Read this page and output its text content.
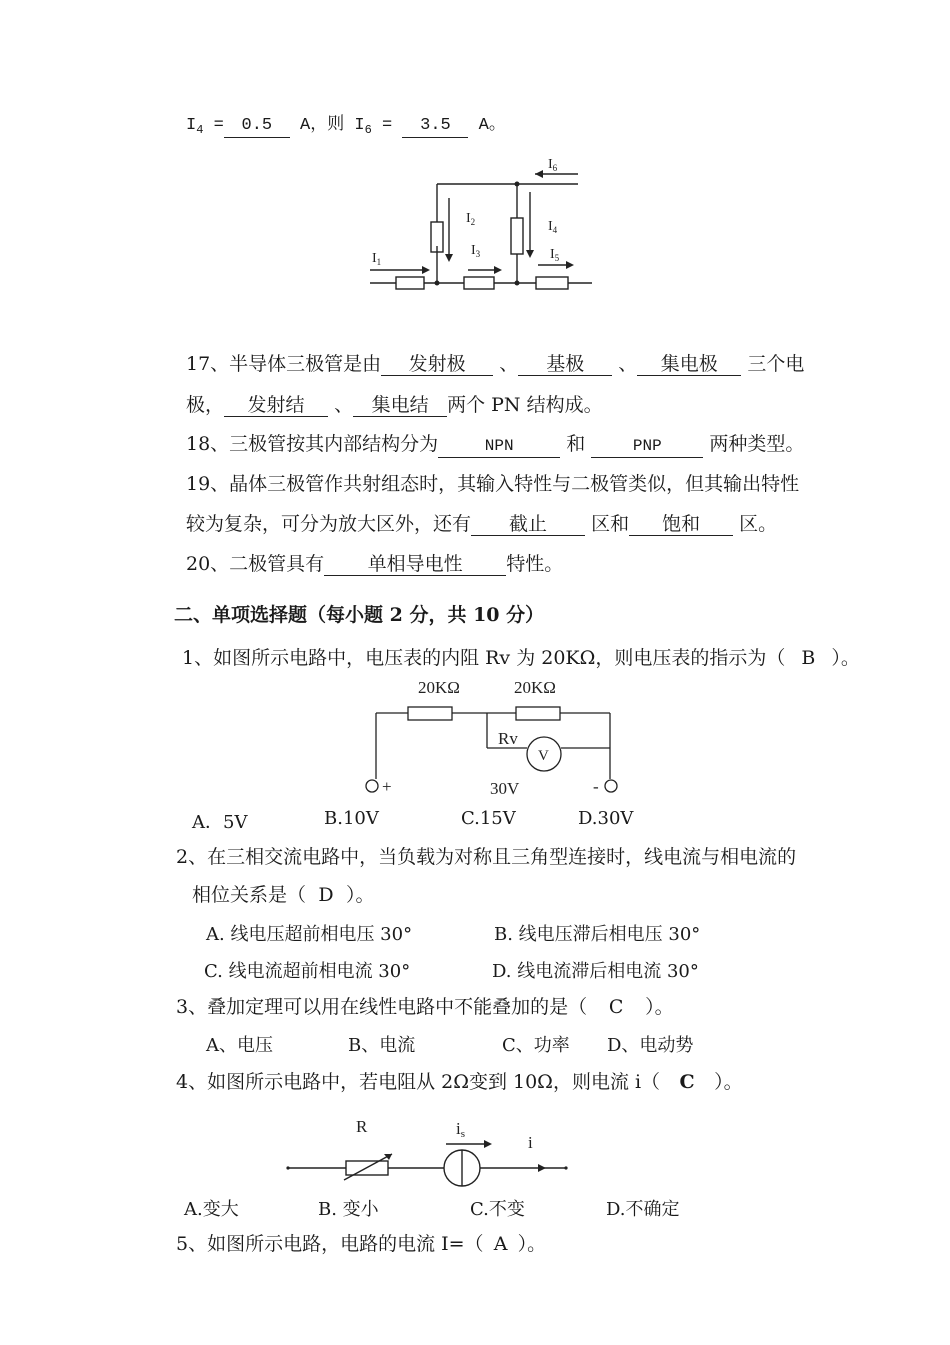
$I_4 = 0.5$ A，则 $I_6 = 3.5$ A。
$I_1$
$I_2$
$I_3$
$I_4$
$I_5$
$I_6$
17、半导体三极管是由 发射极 、 基极 、 集电极 三个电
极， 发射结 、 集电结 两个 PN 结构成。
18、三极管按其内部结构分为	NPN	和	PNP	两种类型。
19、晶体三极管作共射组态时，其输入特性与二极管类似，但其输出特性
较为复杂，可分为放大区外，还有 截止 区和 饱和 区。
20、二极管具有 单相导电性 特性。
二、单项选择题（每小题 2 分，共 10 分）
1、如图所示电路中，电压表的内阻 Rv 为 20KΩ，则电压表的指示为（ B ）。
20KΩ	20KΩ
Rv
V
+	30V	-
A．5V	B.10V	C.15V	D.30V
2、在三相交流电路中，当负载为对称且三角型连接时，线电流与相电流的
相位关系是（ D ）。
A. 线电压超前相电压 30°	B. 线电压滞后相电压 30°
C. 线电流超前相电流 30°	D. 线电流滞后相电流 30°
3、叠加定理可以用在线性电路中不能叠加的是（ C ）。
A、电压	B、电流	C、功率 D、电动势
4、如图所示电路中，若电阻从 2Ω变到 10Ω，则电流 i（ C ）。
R	is	i
A.变大	B. 变小	C.不变	D.不确定
5、如图所示电路，电路的电流 I=（ A ）。
